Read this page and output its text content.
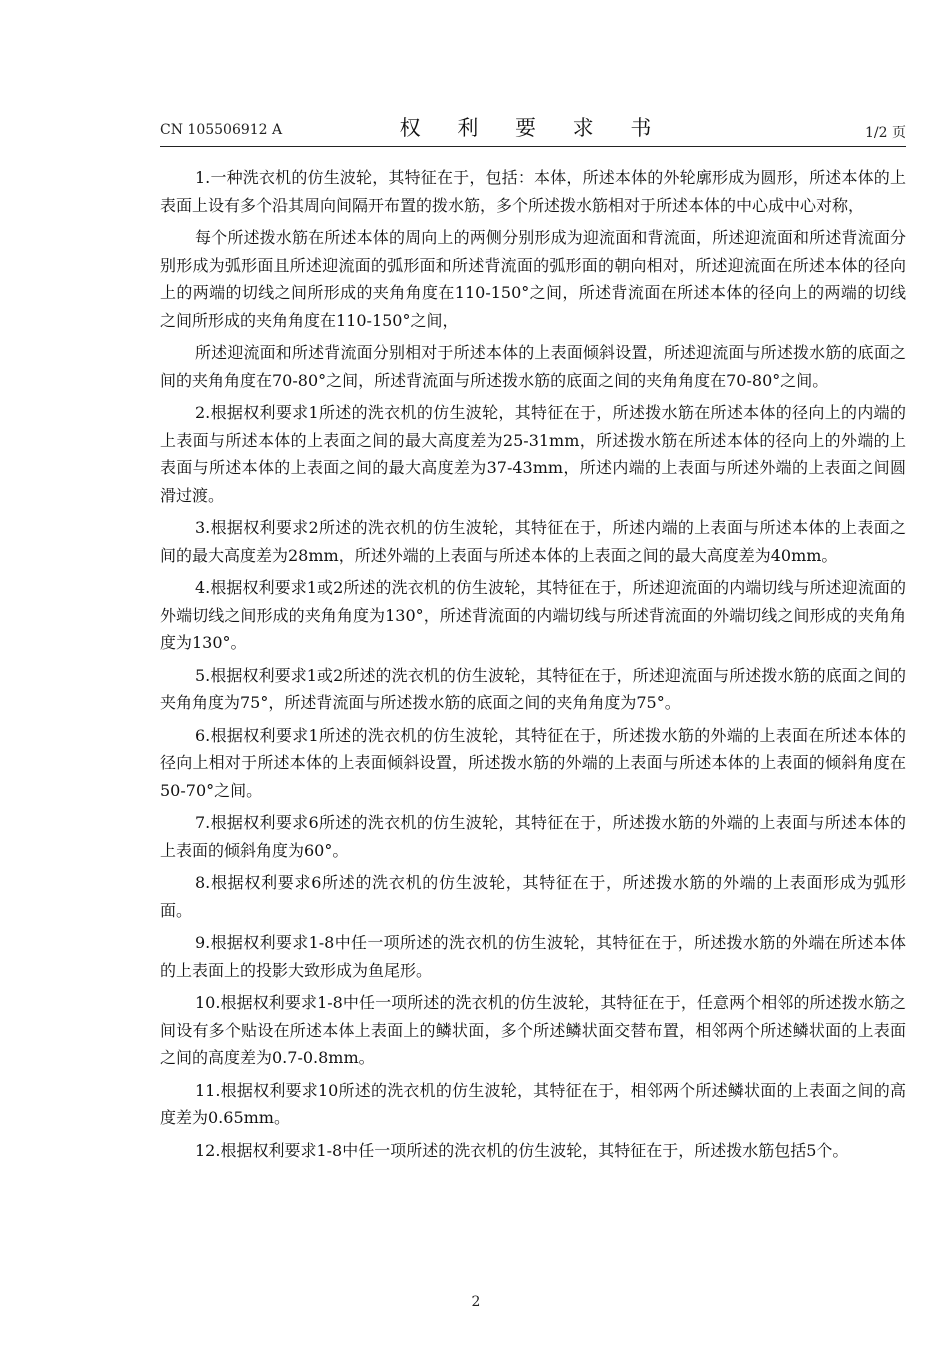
CN 105506912 A	权 利 要 求 书	1/2 页

1.一种洗衣机的仿生波轮，其特征在于，包括：本体，所述本体的外轮廓形成为圆形，所述本体的上表面上设有多个沿其周向间隔开布置的拨水筋，多个所述拨水筋相对于所述本体的中心成中心对称，

每个所述拨水筋在所述本体的周向上的两侧分别形成为迎流面和背流面，所述迎流面和所述背流面分别形成为弧形面且所述迎流面的弧形面和所述背流面的弧形面的朝向相对，所述迎流面在所述本体的径向上的两端的切线之间所形成的夹角角度在110-150°之间，所述背流面在所述本体的径向上的两端的切线之间所形成的夹角角度在110-150°之间，

所述迎流面和所述背流面分别相对于所述本体的上表面倾斜设置，所述迎流面与所述拨水筋的底面之间的夹角角度在70-80°之间，所述背流面与所述拨水筋的底面之间的夹角角度在70-80°之间。

2.根据权利要求1所述的洗衣机的仿生波轮，其特征在于，所述拨水筋在所述本体的径向上的内端的上表面与所述本体的上表面之间的最大高度差为25-31mm，所述拨水筋在所述本体的径向上的外端的上表面与所述本体的上表面之间的最大高度差为37-43mm，所述内端的上表面与所述外端的上表面之间圆滑过渡。

3.根据权利要求2所述的洗衣机的仿生波轮，其特征在于，所述内端的上表面与所述本体的上表面之间的最大高度差为28mm，所述外端的上表面与所述本体的上表面之间的最大高度差为40mm。

4.根据权利要求1或2所述的洗衣机的仿生波轮，其特征在于，所述迎流面的内端切线与所述迎流面的外端切线之间形成的夹角角度为130°，所述背流面的内端切线与所述背流面的外端切线之间形成的夹角角度为130°。

5.根据权利要求1或2所述的洗衣机的仿生波轮，其特征在于，所述迎流面与所述拨水筋的底面之间的夹角角度为75°，所述背流面与所述拨水筋的底面之间的夹角角度为75°。

6.根据权利要求1所述的洗衣机的仿生波轮，其特征在于，所述拨水筋的外端的上表面在所述本体的径向上相对于所述本体的上表面倾斜设置，所述拨水筋的外端的上表面与所述本体的上表面的倾斜角度在50-70°之间。

7.根据权利要求6所述的洗衣机的仿生波轮，其特征在于，所述拨水筋的外端的上表面与所述本体的上表面的倾斜角度为60°。

8.根据权利要求6所述的洗衣机的仿生波轮，其特征在于，所述拨水筋的外端的上表面形成为弧形面。

9.根据权利要求1-8中任一项所述的洗衣机的仿生波轮，其特征在于，所述拨水筋的外端在所述本体的上表面上的投影大致形成为鱼尾形。

10.根据权利要求1-8中任一项所述的洗衣机的仿生波轮，其特征在于，任意两个相邻的所述拨水筋之间设有多个贴设在所述本体上表面上的鳞状面，多个所述鳞状面交替布置，相邻两个所述鳞状面的上表面之间的高度差为0.7-0.8mm。

11.根据权利要求10所述的洗衣机的仿生波轮，其特征在于，相邻两个所述鳞状面的上表面之间的高度差为0.65mm。

12.根据权利要求1-8中任一项所述的洗衣机的仿生波轮，其特征在于，所述拨水筋包括5个。

2
